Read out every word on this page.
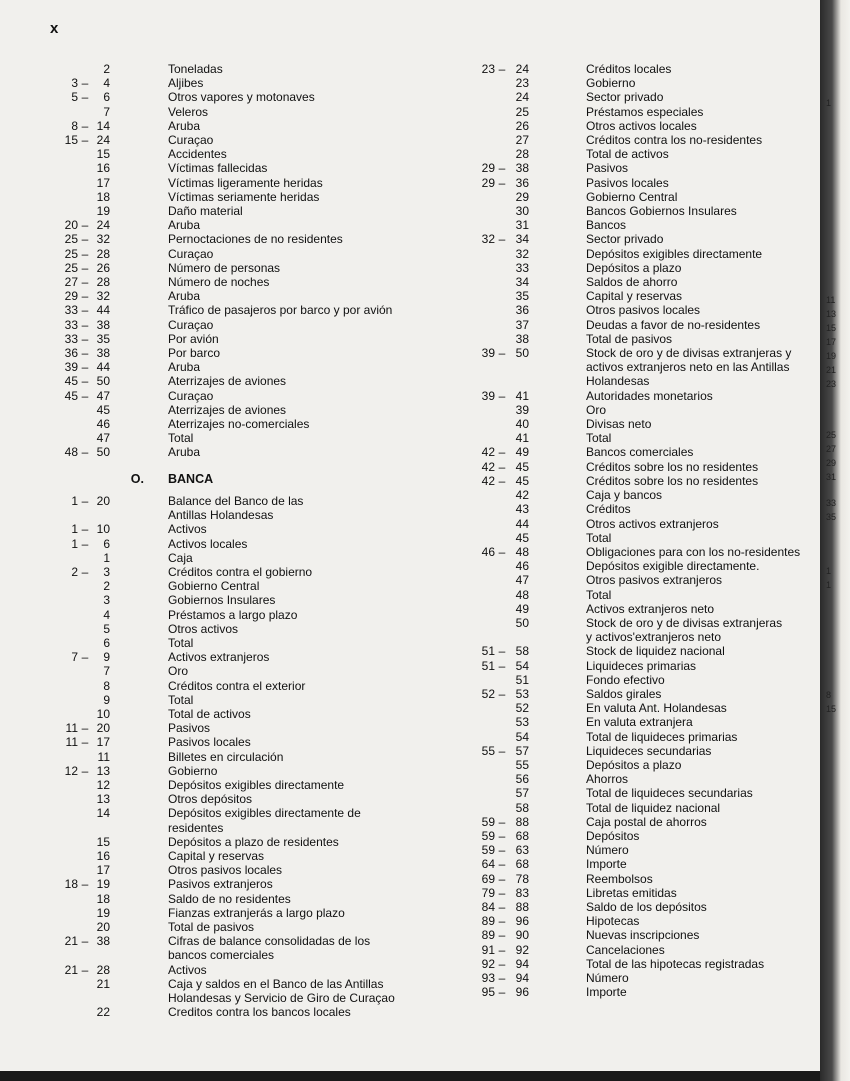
x
2	Toneladas
3 –	4	Aljibes
5 –	6	Otros vapores y motonaves
7	Veleros
8 – 14	Aruba
15 – 24	Curaçao
15	Accidentes
16	Víctimas fallecidas
17	Víctimas ligeramente heridas
18	Víctimas seriamente heridas
19	Daño material
20 – 24	Aruba
25 – 32	Pernoctaciones de no residentes
25 – 28	Curaçao
25 – 26	Número de personas
27 – 28	Número de noches
29 – 32	Aruba
33 – 44	Tráfico de pasajeros por barco y por avión
33 – 38	Curaçao
33 – 35	Por avión
36 – 38	Por barco
39 – 44	Aruba
45 – 50	Aterrizajes de aviones
45 – 47	Curaçao
45	Aterrizajes de aviones
46	Aterrizajes no-comerciales
47	Total
48 – 50	Aruba
O.	BANCA
1 – 20	Balance del Banco de las
Antillas Holandesas
1 – 10	Activos
1 –	6	Activos locales
1	Caja
2 –	3	Créditos contra el gobierno
2	Gobierno Central
3	Gobiernos Insulares
4	Préstamos a largo plazo
5	Otros activos
6	Total
7 –	9	Activos extranjeros
7	Oro
8	Créditos contra el exterior
9	Total
10	Total de activos
11 – 20	Pasivos
11 – 17	Pasivos locales
11	Billetes en circulación
12 – 13	Gobierno
12	Depósitos exigibles directamente
13	Otros depósitos
14	Depósitos exigibles directamente de
residentes
15	Depósitos a plazo de residentes
16	Capital y reservas
17	Otros pasivos locales
18 – 19	Pasivos extranjeros
18	Saldo de no residentes
19	Fianzas extranjerás a largo plazo
20	Total de pasivos
21 – 38	Cifras de balance consolidadas de los
bancos comerciales
21 – 28	Activos
21	Caja y saldos en el Banco de las Antillas
Holandesas y Servicio de Giro de Curaçao
22	Creditos contra los bancos locales
23 – 24	Créditos locales
23	Gobierno
24	Sector privado
25	Préstamos especiales
26	Otros activos locales
27	Créditos contra los no-residentes
28	Total de activos
29 – 38	Pasivos
29 – 36	Pasivos locales
29	Gobierno Central
30	Bancos Gobiernos Insulares
31	Bancos
32 – 34	Sector privado
32	Depósitos exigibles directamente
33	Depósitos a plazo
34	Saldos de ahorro
35	Capital y reservas
36	Otros pasivos locales
37	Deudas a favor de no-residentes
38	Total de pasivos
39 – 50	Stock de oro y de divisas extranjeras y
activos extranjeros neto en las Antillas
Holandesas
39 – 41	Autoridades monetarios
39	Oro
40	Divisas neto
41	Total
42 – 49	Bancos comerciales
42 – 45	Créditos sobre los no residentes
42 – 45	Créditos sobre los no residentes
42	Caja y bancos
43	Créditos
44	Otros activos extranjeros
45	Total
46 – 48	Obligaciones para con los no-residentes
46	Depósitos exigible directamente.
47	Otros pasivos extranjeros
48	Total
49	Activos extranjeros neto
50	Stock de oro y de divisas extranjeras
y activos'extranjeros neto
51 – 58	Stock de liquidez nacional
51 – 54	Liquideces primarias
51	Fondo efectivo
52 – 53	Saldos girales
52	En valuta Ant. Holandesas
53	En valuta extranjera
54	Total de liquideces primarias
55 – 57	Liquideces secundarias
55	Depósitos a plazo
56	Ahorros
57	Total de liquideces secundarias
58	Total de liquidez nacional
59 – 88	Caja postal de ahorros
59 – 68	Depósitos
59 – 63	Número
64 – 68	Importe
69 – 78	Reembolsos
79 – 83	Libretas emitidas
84 – 88	Saldo de los depósitos
89 – 96	Hipotecas
89 – 90	Nuevas inscripciones
91 – 92	Cancelaciones
92 – 94	Total de las hipotecas registradas
93 – 94	Número
95 – 96	Importe
1
11
13
15
17
19
21
23
25
27
29
31
33
35
1
1
8
15
